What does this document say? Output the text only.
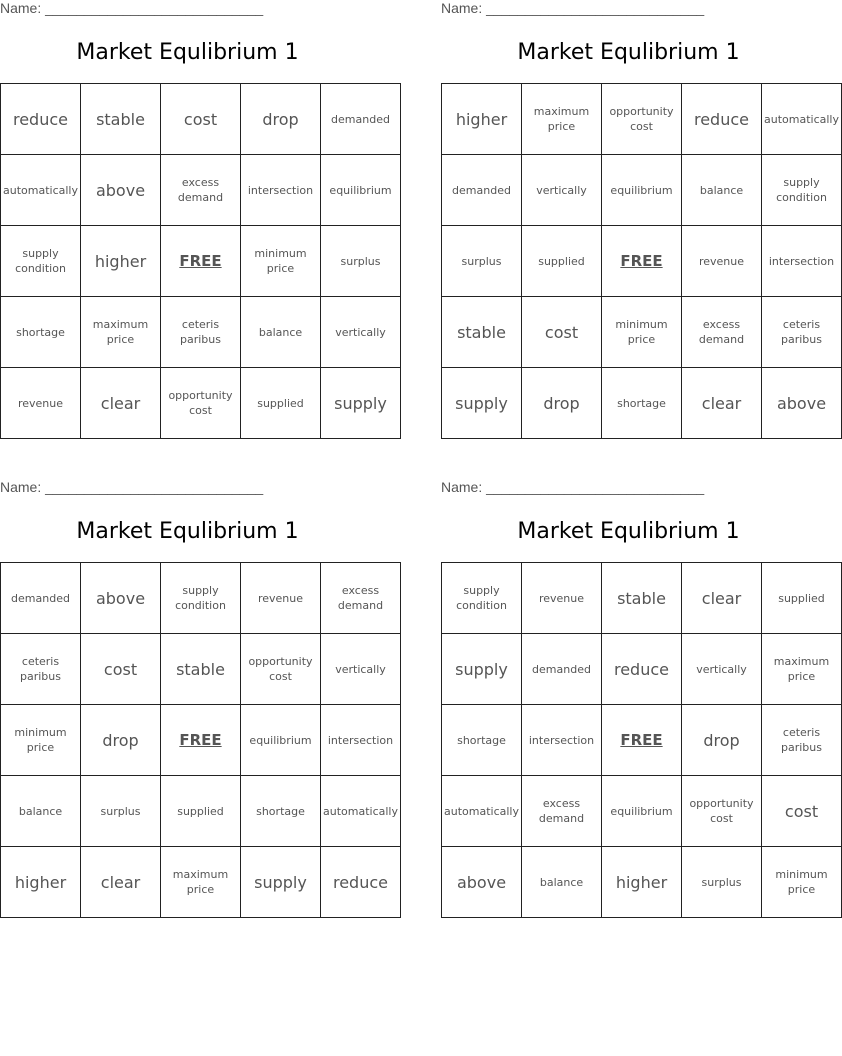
Name: ____________________________
Market Equlibrium 1
reduce	stable	cost	drop	demanded
automatically	above	excess demand	intersection	equilibrium
supply condition	higher	FREE	minimum price	surplus
shortage	maximum price	ceteris paribus	balance	vertically
revenue	clear	opportunity cost	supplied	supply
Name: ____________________________
Market Equlibrium 1
higher	maximum price	opportunity cost	reduce	automatically
demanded	vertically	equilibrium	balance	supply condition
surplus	supplied	FREE	revenue	intersection
stable	cost	minimum price	excess demand	ceteris paribus
supply	drop	shortage	clear	above
Name: ____________________________
Market Equlibrium 1
demanded	above	supply condition	revenue	excess demand
ceteris paribus	cost	stable	opportunity cost	vertically
minimum price	drop	FREE	equilibrium	intersection
balance	surplus	supplied	shortage	automatically
higher	clear	maximum price	supply	reduce
Name: ____________________________
Market Equlibrium 1
supply condition	revenue	stable	clear	supplied
supply	demanded	reduce	vertically	maximum price
shortage	intersection	FREE	drop	ceteris paribus
automatically	excess demand	equilibrium	opportunity cost	cost
above	balance	higher	surplus	minimum price
